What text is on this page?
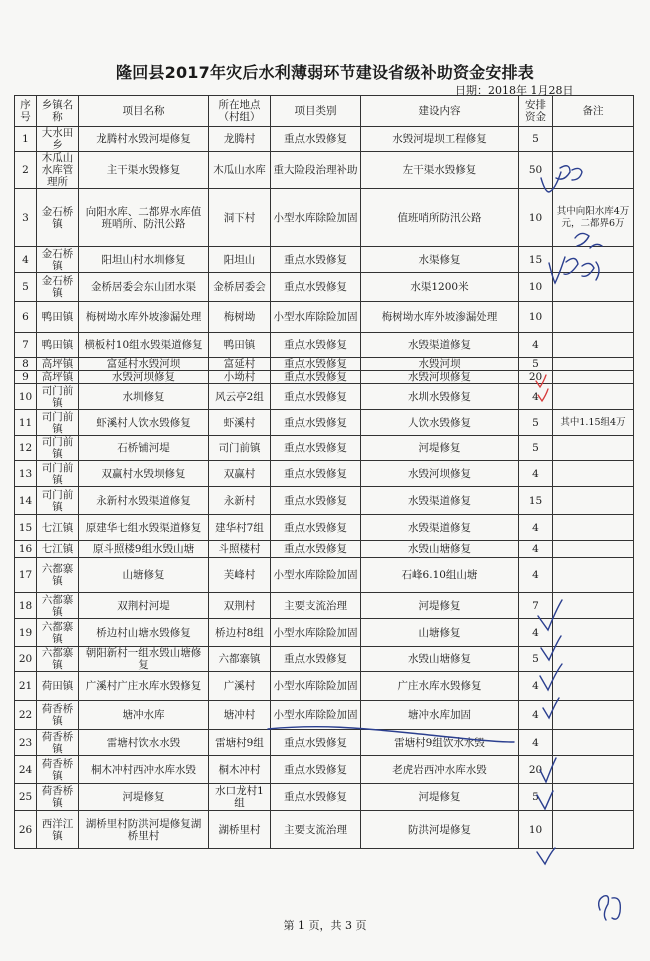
隆回县2017年灾后水利薄弱环节建设省级补助资金安排表
日期：2018年 1月28日
序号	乡镇名称	项目名称	所在地点（村组）	项目类别	建设内容	安排资金	备注
1	大水田乡	龙腾村水毁河堤修复	龙腾村	重点水毁修复	水毁河堤坝工程修复	5	
2	木瓜山水库管理所	主干渠水毁修复	木瓜山水库	重大险段治理补助	左干渠水毁修复	50	
3	金石桥镇	向阳水库、二都界水库值班哨所、防汛公路	洞下村	小型水库除险加固	值班哨所防汛公路	10	其中向阳水库4万元，二都界6万
4	金石桥镇	阳坦山村水圳修复	阳坦山	重点水毁修复	水渠修复	15	
5	金石桥镇	金桥居委会东山团水渠	金桥居委会	重点水毁修复	水渠1200米	10	
6	鸭田镇	梅树坳水库外坡渗漏处理	梅树坳	小型水库除险加固	梅树坳水库外坡渗漏处理	10	
7	鸭田镇	横板村10组水毁渠道修复	鸭田镇	重点水毁修复	水毁渠道修复	4	
8	高坪镇	富延村水毁河坝	富延村	重点水毁修复	水毁河坝	5	
9	高坪镇	水毁河坝修复	小坳村	重点水毁修复	水毁河坝修复	20	
10	司门前镇	水圳修复	风云亭2组	重点水毁修复	水圳水毁修复	4	
11	司门前镇	虾溪村人饮水毁修复	虾溪村	重点水毁修复	人饮水毁修复	5	其中1.15组4万
12	司门前镇	石桥铺河堤	司门前镇	重点水毁修复	河堤修复	5	
13	司门前镇	双赢村水毁坝修复	双赢村	重点水毁修复	水毁河坝修复	4	
14	司门前镇	永新村水毁渠道修复	永新村	重点水毁修复	水毁渠道修复	15	
15	七江镇	原建华七组水毁渠道修复	建华村7组	重点水毁修复	水毁渠道修复	4	
16	七江镇	原斗照楼9组水毁山塘	斗照楼村	重点水毁修复	水毁山塘修复	4	
17	六都寨镇	山塘修复	芙峰村	小型水库除险加固	石峰6.10组山塘	4	
18	六都寨镇	双荆村河堤	双荆村	主要支流治理	河堤修复	7	
19	六都寨镇	桥边村山塘水毁修复	桥边村8组	小型水库除险加固	山塘修复	4	
20	六都寨镇	朝阳新村一组水毁山塘修复	六都寨镇	重点水毁修复	水毁山塘修复	5	
21	荷田镇	广溪村广庄水库水毁修复	广溪村	小型水库除险加固	广庄水库水毁修复	4	
22	荷香桥镇	塘冲水库	塘冲村	小型水库除险加固	塘冲水库加固	4	
23	荷香桥镇	雷塘村饮水水毁	雷塘村9组	重点水毁修复	雷塘村9组饮水水毁	4	
24	荷香桥镇	桐木冲村西冲水库水毁	桐木冲村	重点水毁修复	老虎岩西冲水库水毁	20	
25	荷香桥镇	河堤修复	水口龙村1组	重点水毁修复	河堤修复	5	
26	西洋江镇	湖桥里村防洪河堤修复湖桥里村	湖桥里村	主要支流治理	防洪河堤修复	10	
第 1 页，共 3 页
